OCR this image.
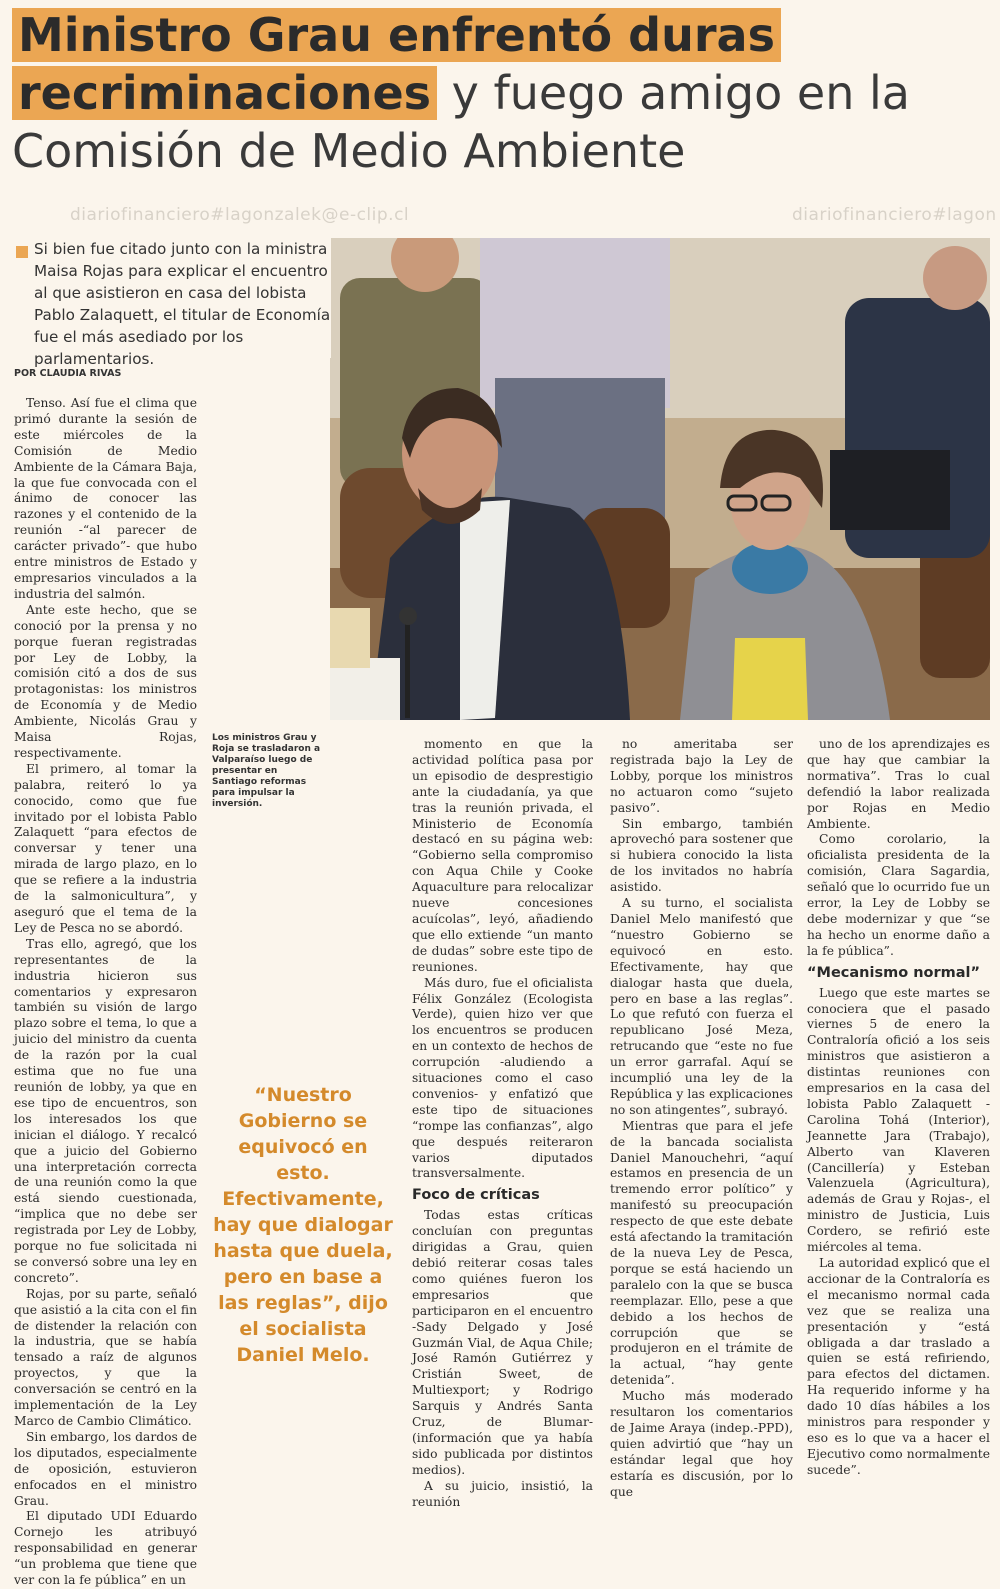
Ministro Grau enfrentó duras
recriminaciones y fuego amigo en la Comisión de Medio Ambiente
diariofinanciero#lagonzalek@e-clip.cl	diariofinanciero#lagon
Si bien fue citado junto con la ministra Maisa Rojas para explicar el encuentro al que asistieron en casa del lobista Pablo Zalaquett, el titular de Economía fue el más asediado por los parlamentarios.
POR CLAUDIA RIVAS

Tenso. Así fue el clima que primó durante la sesión de este miércoles de la Comisión de Medio Ambiente de la Cámara Baja, la que fue convocada con el ánimo de conocer las razones y el contenido de la reunión -“al parecer de carácter privado”- que hubo entre ministros de Estado y empresarios vinculados a la industria del salmón.

Ante este hecho, que se conoció por la prensa y no porque fueran registradas por Ley de Lobby, la comisión citó a dos de sus protagonistas: los ministros de Economía y de Medio Ambiente, Nicolás Grau y Maisa Rojas, respectivamente.

El primero, al tomar la palabra, reiteró lo ya conocido, como que fue invitado por el lobista Pablo Zalaquett “para efectos de conversar y tener una mirada de largo plazo, en lo que se refiere a la industria de la salmonicultura”, y aseguró que el tema de la Ley de Pesca no se abordó.

Tras ello, agregó, que los representantes de la industria hicieron sus comentarios y expresaron también su visión de largo plazo sobre el tema, lo que a juicio del ministro da cuenta de la razón por la cual estima que no fue una reunión de lobby, ya que en ese tipo de encuentros, son los interesados los que inician el diálogo. Y recalcó que a juicio del Gobierno una interpretación correcta de una reunión como la que está siendo cuestionada, “implica que no debe ser registrada por Ley de Lobby, porque no fue solicitada ni se conversó sobre una ley en concreto”.

Rojas, por su parte, señaló que asistió a la cita con el fin de distender la relación con la industria, que se había tensado a raíz de algunos proyectos, y que la conversación se centró en la implementación de la Ley Marco de Cambio Climático.

Sin embargo, los dardos de los diputados, especialmente de oposición, estuvieron enfocados en el ministro Grau.

El diputado UDI Eduardo Cornejo les atribuyó responsabilidad en generar “un problema que tiene que ver con la fe pública” en un

Los ministros Grau y Roja se trasladaron a Valparaíso luego de presentar en Santiago reformas para impulsar la inversión.
“Nuestro Gobierno se equivocó en esto. Efectivamente, hay que dialogar hasta que duela, pero en base a las reglas”, dijo el socialista Daniel Melo.

momento en que la actividad política pasa por un episodio de desprestigio ante la ciudadanía, ya que tras la reunión privada, el Ministerio de Economía destacó en su página web: “Gobierno sella compromiso con Aqua Chile y Cooke Aquaculture para relocalizar nueve concesiones acuícolas”, leyó, añadiendo que ello extiende “un manto de dudas” sobre este tipo de reuniones.

Más duro, fue el oficialista Félix González (Ecologista Verde), quien hizo ver que los encuentros se producen en un contexto de hechos de corrupción -aludiendo a situaciones como el caso convenios- y enfatizó que este tipo de situaciones “rompe las confianzas”, algo que después reiteraron varios diputados transversalmente.

Foco de críticas

Todas estas críticas concluían con preguntas dirigidas a Grau, quien debió reiterar cosas tales como quiénes fueron los empresarios que participaron en el encuentro -Sady Delgado y José Guzmán Vial, de Aqua Chile; José Ramón Gutiérrez y Cristián Sweet, de Multiexport; y Rodrigo Sarquis y Andrés Santa Cruz, de Blumar- (información que ya había sido publicada por distintos medios).

A su juicio, insistió, la reunión

no ameritaba ser registrada bajo la Ley de Lobby, porque los ministros no actuaron como “sujeto pasivo”.

Sin embargo, también aprovechó para sostener que si hubiera conocido la lista de los invitados no habría asistido.

A su turno, el socialista Daniel Melo manifestó que “nuestro Gobierno se equivocó en esto. Efectivamente, hay que dialogar hasta que duela, pero en base a las reglas”. Lo que refutó con fuerza el republicano José Meza, retrucando que “este no fue un error garrafal. Aquí se incumplió una ley de la República y las explicaciones no son atingentes”, subrayó.

Mientras que para el jefe de la bancada socialista Daniel Manouchehri, “aquí estamos en presencia de un tremendo error político” y manifestó su preocupación respecto de que este debate está afectando la tramitación de la nueva Ley de Pesca, porque se está haciendo un paralelo con la que se busca reemplazar. Ello, pese a que debido a los hechos de corrupción que se produjeron en el trámite de la actual, “hay gente detenida”.

Mucho más moderado resultaron los comentarios de Jaime Araya (indep.-PPD), quien advirtió que “hay un estándar legal que hoy estaría es discusión, por lo que

uno de los aprendizajes es que hay que cambiar la normativa”. Tras lo cual defendió la labor realizada por Rojas en Medio Ambiente.

Como corolario, la oficialista presidenta de la comisión, Clara Sagardia, señaló que lo ocurrido fue un error, la Ley de Lobby se debe modernizar y que “se ha hecho un enorme daño a la fe pública”.

“Mecanismo normal”

Luego que este martes se conociera que el pasado viernes 5 de enero la Contraloría ofició a los seis ministros que asistieron a distintas reuniones con empresarios en la casa del lobista Pablo Zalaquett -Carolina Tohá (Interior), Jeannette Jara (Trabajo), Alberto van Klaveren (Cancillería) y Esteban Valenzuela (Agricultura), además de Grau y Rojas-, el ministro de Justicia, Luis Cordero, se refirió este miércoles al tema.

La autoridad explicó que el accionar de la Contraloría es el mecanismo normal cada vez que se realiza una presentación y “está obligada a dar traslado a quien se está refiriendo, para efectos del dictamen. Ha requerido informe y ha dado 10 días hábiles a los ministros para responder y eso es lo que va a hacer el Ejecutivo como normalmente sucede”.
